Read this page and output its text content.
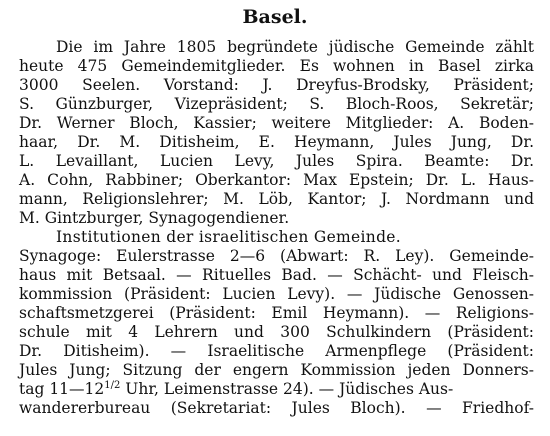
Basel.
Die im Jahre 1805 begründete jüdische Gemeinde zählt
heute 475 Gemeindemitglieder. Es wohnen in Basel zirka
3000 Seelen. Vorstand: J. Dreyfus-Brodsky, Präsident;
S. Günzburger, Vizepräsident; S. Bloch-Roos, Sekretär;
Dr. Werner Bloch, Kassier; weitere Mitglieder: A. Boden-
haar, Dr. M. Ditisheim, E. Heymann, Jules Jung, Dr.
L. Levaillant, Lucien Levy, Jules Spira. Beamte: Dr.
A. Cohn, Rabbiner; Oberkantor: Max Epstein; Dr. L. Haus-
mann, Religionslehrer; M. Löb, Kantor; J. Nordmann und
M. Gintzburger, Synagogendiener.
Institutionen der israelitischen Gemeinde.
Synagoge: Eulerstrasse 2—6 (Abwart: R. Ley). Gemeinde-
haus mit Betsaal. — Rituelles Bad. — Schächt- und Fleisch-
kommission (Präsident: Lucien Levy). — Jüdische Genossen-
schaftsmetzgerei (Präsident: Emil Heymann). — Religions-
schule mit 4 Lehrern und 300 Schulkindern (Präsident:
Dr. Ditisheim). — Israelitische Armenpflege (Präsident:
Jules Jung; Sitzung der engern Kommission jeden Donners-
tag $11—12^{1/2}$ Uhr, Leimenstrasse 24). — Jüdisches Aus-
wandererbureau (Sekretariat: Jules Bloch). — Friedhof-
